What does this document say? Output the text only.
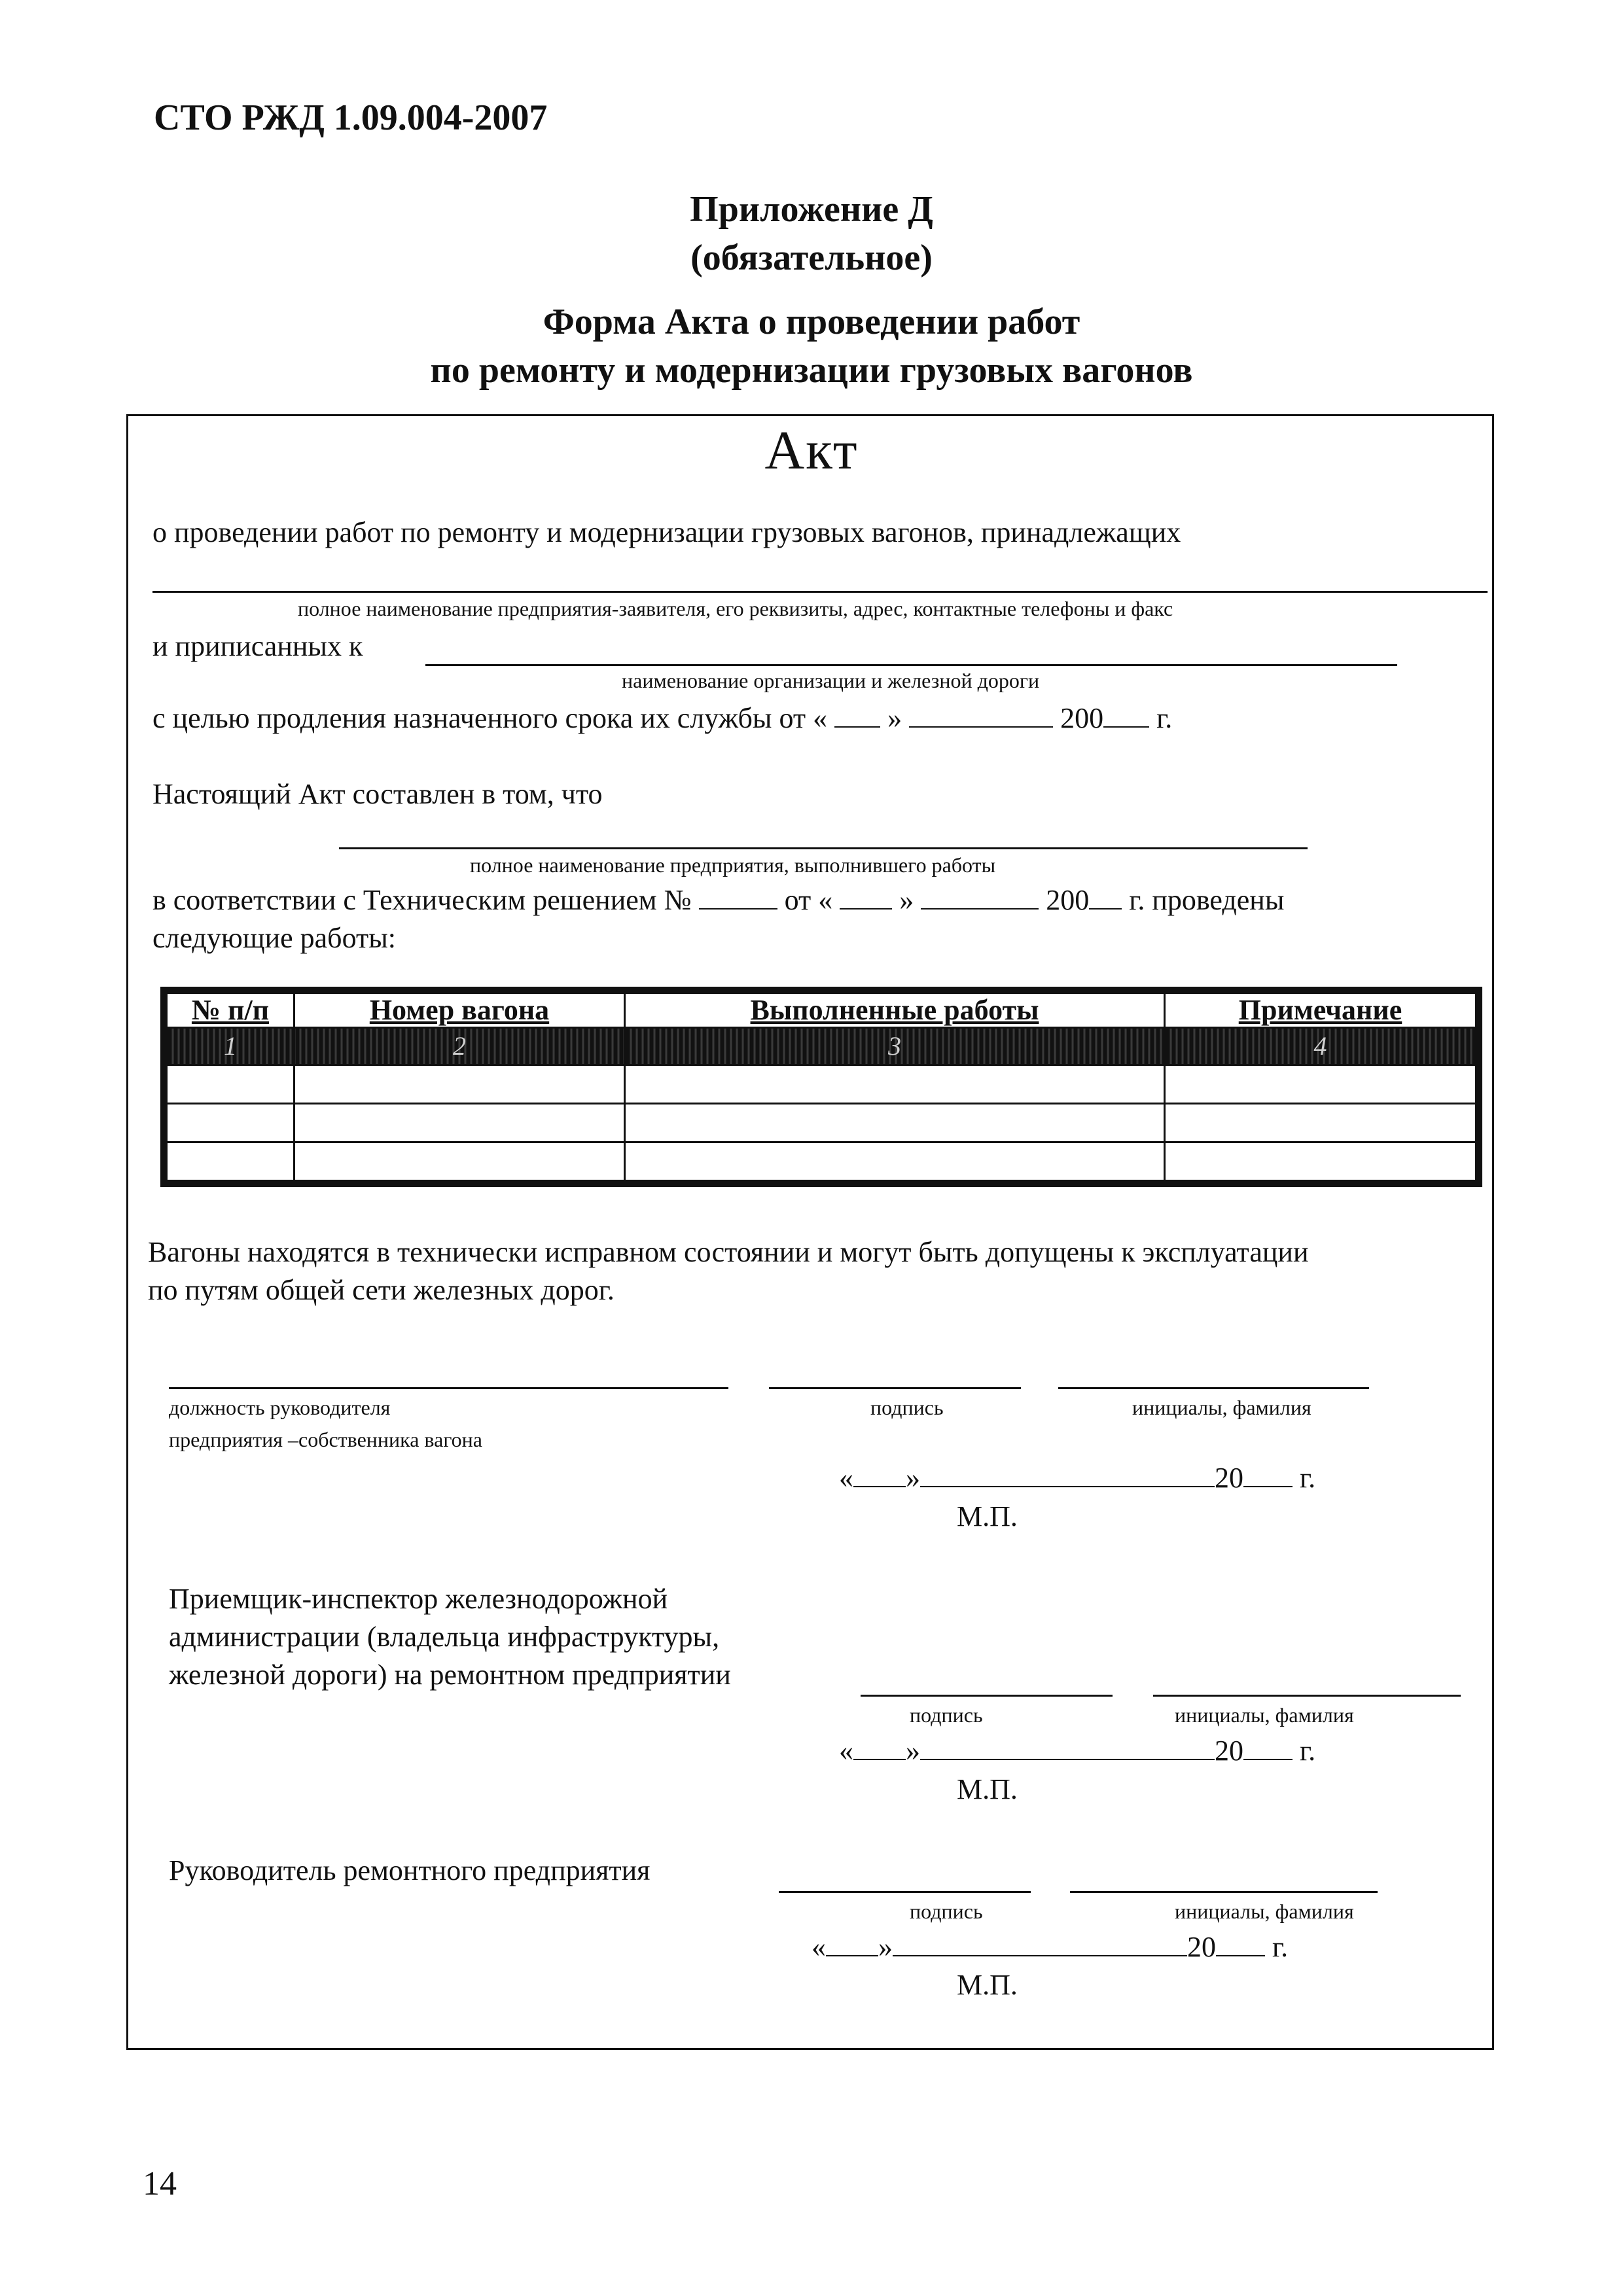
СТО РЖД 1.09.004-2007
Приложение Д
(обязательное)
Форма Акта о проведении работ
по ремонту и модернизации грузовых вагонов
Акт
о проведении работ по ремонту и модернизации грузовых вагонов, принадлежащих
полное наименование предприятия-заявителя, его реквизиты, адрес, контактные телефоны и факс
и приписанных к
наименование организации и железной дороги
с целью продления назначенного срока их службы от « »	200 г.
Настоящий Акт составлен в том, что
полное наименование предприятия, выполнившего работы
в соответствии с Техническим решением №	от « »	200 г. проведены
следующие работы:
№ п/п	Номер вагона	Выполненные работы	Примечание
1	2	3	4

Вагоны находятся в технически исправном состоянии и могут быть допущены к эксплуатации
по путям общей сети железных дорог.
должность руководителя
предприятия –собственника вагона
подпись	инициалы, фамилия
« »	20 г.
М.П.
Приемщик-инспектор железнодорожной
администрации (владельца инфраструктуры,
железной дороги) на ремонтном предприятии
подпись	инициалы, фамилия
« »	20 г.
М.П.
Руководитель ремонтного предприятия
подпись	инициалы, фамилия
« »	20 г.
М.П.
14
